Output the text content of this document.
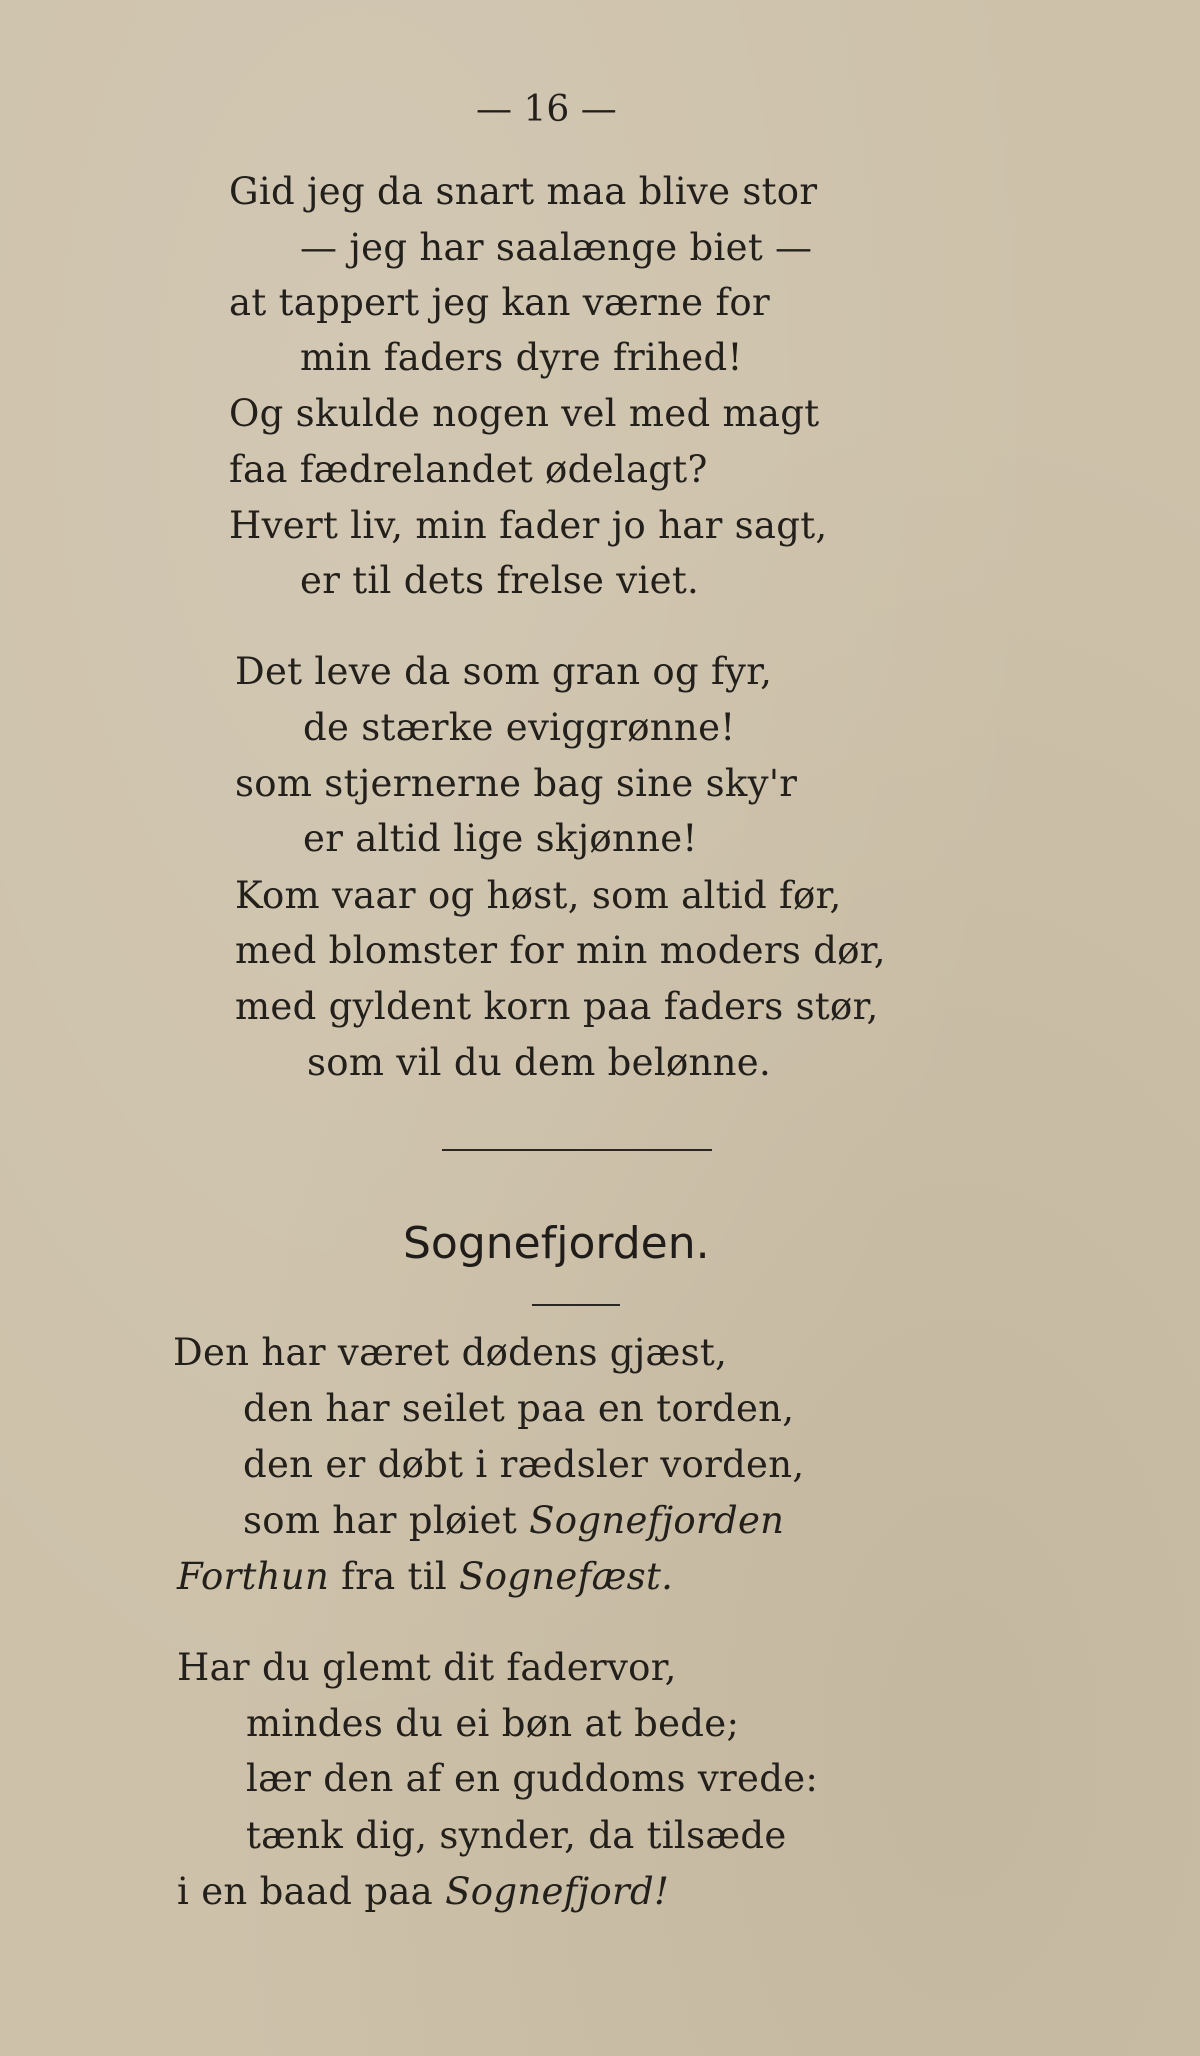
— 16 —
Gid jeg da snart maa blive stor
— jeg har saalænge biet —
at tappert jeg kan værne for
min faders dyre frihed!
Og skulde nogen vel med magt
faa fædrelandet ødelagt?
Hvert liv, min fader jo har sagt,
er til dets frelse viet.
Det leve da som gran og fyr,
de stærke eviggrønne!
som stjernerne bag sine sky'r
er altid lige skjønne!
Kom vaar og høst, som altid før,
med blomster for min moders dør,
med gyldent korn paa faders stør,
som vil du dem belønne.
Sognefjorden.
Den har været dødens gjæst,
den har seilet paa en torden,
den er døbt i rædsler vorden,
som har pløiet Sognefjorden
Forthun fra til Sognefæst.
Har du glemt dit fadervor,
mindes du ei bøn at bede;
lær den af en guddoms vrede:
tænk dig, synder, da tilsæde
i en baad paa Sognefjord!
